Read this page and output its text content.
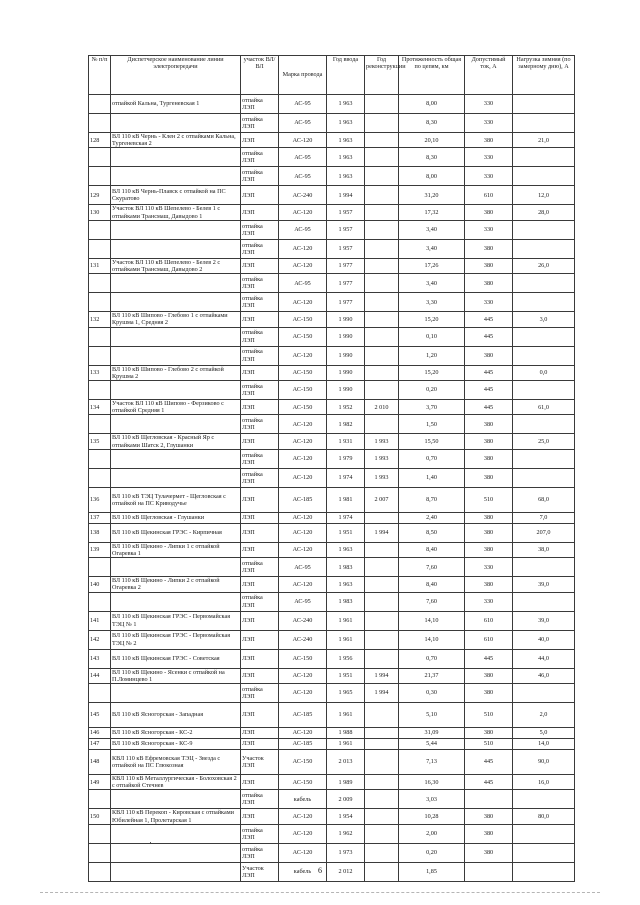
№ п/п	Диспетчерское наименование линии электропередачи	участок ВЛ/ВЛ	Марка провода	Год ввода	Год реконструкции	Протяженность общая по цепям, км	Допустимый ток, А	Нагрузка зимняя (по замерному дню), А
	отпайкой Кальна, Тургеневская 1	отпайка ЛЭП	АС-95	1 963		8,00	330	
		отпайка ЛЭП	АС-95	1 963		8,30	330	
128	ВЛ 110 кВ Чернь - Клен 2 с отпайками Кальна, Тургеневская 2	ЛЭП	АС-120	1 963		20,10	380	21,0
		отпайка ЛЭП	АС-95	1 963		8,30	330	
		отпайка ЛЭП	АС-95	1 963		8,00	330	
129	ВЛ 110 кВ Чернь-Плавск с отпайкой на ПС Скуратово	ЛЭП	АС-240	1 994		31,20	610	12,0
130	Участок ВЛ 110 кВ Шепелево - Белев 1 с отпайками Трансмаш, Давыдово 1	ЛЭП	АС-120	1 957		17,32	380	28,0
		отпайка ЛЭП	АС-95	1 957		3,40	330	
		отпайка ЛЭП	АС-120	1 957		3,40	380	
131	Участок ВЛ 110 кВ Шепелево - Белев 2 с отпайками Трансмаш, Давыдово 2	ЛЭП	АС-120	1 977		17,26	380	26,0
		отпайка ЛЭП	АС-95	1 977		3,40	380	
		отпайка ЛЭП	АС-120	1 977		3,30	330	
132	ВЛ 110 кВ Шипово - Глебово 1 с отпайками Крушма 1, Средняя 2	ЛЭП	АС-150	1 990		15,20	445	3,0
		отпайка ЛЭП	АС-150	1 990		0,10	445	
		отпайка ЛЭП	АС-120	1 990		1,20	380	
133	ВЛ 110 кВ Шипово - Глебово 2 с отпайкой Крушма 2	ЛЭП	АС-150	1 990		15,20	445	0,0
		отпайка ЛЭП	АС-150	1 990		0,20	445	
134	Участок ВЛ 110 кВ Шипово - Ферзиково с отпайкой Средняя 1	ЛЭП	АС-150	1 952	2 010	3,70	445	61,0
		отпайка ЛЭП	АС-120	1 982		1,50	380	
135	ВЛ 110 кВ Щегловская - Красный Яр с отпайками Шатск 2, Глушанки	ЛЭП	АС-120	1 931	1 993	15,50	380	25,0
		отпайка ЛЭП	АС-120	1 979	1 993	0,70	380	
		отпайка ЛЭП	АС-120	1 974	1 993	1,40	380	
136	ВЛ 110 кВ ТЭЦ Тулачермет - Щегловская с отпайкой на ПС Криводучье	ЛЭП	АС-185	1 981	2 007	8,70	510	68,0
137	ВЛ 110 кВ Щегловская - Глушанки	ЛЭП	АС-120	1 974		2,40	380	7,0
138	ВЛ 110 кВ Щекинская ГРЭС - Кирпичная	ЛЭП	АС-120	1 951	1 994	8,50	380	207,0
139	ВЛ 110 кВ Щекино - Липки 1 с отпайкой Огаревка 1	ЛЭП	АС-120	1 963		8,40	380	38,0
		отпайка ЛЭП	АС-95	1 983		7,60	330	
140	ВЛ 110 кВ Щекино - Липки 2 с отпайкой Огаревка 2	ЛЭП	АС-120	1 963		8,40	380	39,0
		отпайка ЛЭП	АС-95	1 983		7,60	330	
141	ВЛ 110 кВ Щекинская ГРЭС - Первомайская ТЭЦ № 1	ЛЭП	АС-240	1 961		14,10	610	39,0
142	ВЛ 110 кВ Щекинская ГРЭС - Первомайская ТЭЦ № 2	ЛЭП	АС-240	1 961		14,10	610	40,0
143	ВЛ 110 кВ Щекинская ГРЭС - Советская	ЛЭП	АС-150	1 956		0,70	445	44,0
144	ВЛ 110 кВ Щекино - Ясенки с отпайкой на П.Ломинцево 1	ЛЭП	АС-120	1 951	1 994	21,37	380	46,0
		отпайка ЛЭП	АС-120	1 965	1 994	0,30	380	
145	ВЛ 110 кВ Ясногорская - Западная	ЛЭП	АС-185	1 961		5,10	510	2,0
146	ВЛ 110 кВ Ясногорская - КС-2	ЛЭП	АС-120	1 988		31,09	380	5,0
147	ВЛ 110 кВ Ясногорская - КС-9	ЛЭП	АС-185	1 961		5,44	510	14,0
148	КВЛ 110 кВ Ефремовская ТЭЦ - Звезда с отпайкой на ПС Глюкозная	Участок ЛЭП	АС-150	2 013		7,13	445	90,0
149	КВЛ 110 кВ Металлургическая - Болоховская 2 с отпайкой Стечнев	ЛЭП	АС-150	1 989		16,30	445	16,0
		отпайка ЛЭП	кабель	2 009		3,03		
150	КВЛ 110 кВ Перекоп - Кировская с отпайками Юбилейная 1, Пролетарская 1	ЛЭП	АС-120	1 954		10,28	380	80,0
		отпайка ЛЭП	АС-120	1 962		2,00	380	
		отпайка ЛЭП	АС-120	1 973		0,20	380	
		Участок ЛЭП	кабель	2 012		1,85		
6
